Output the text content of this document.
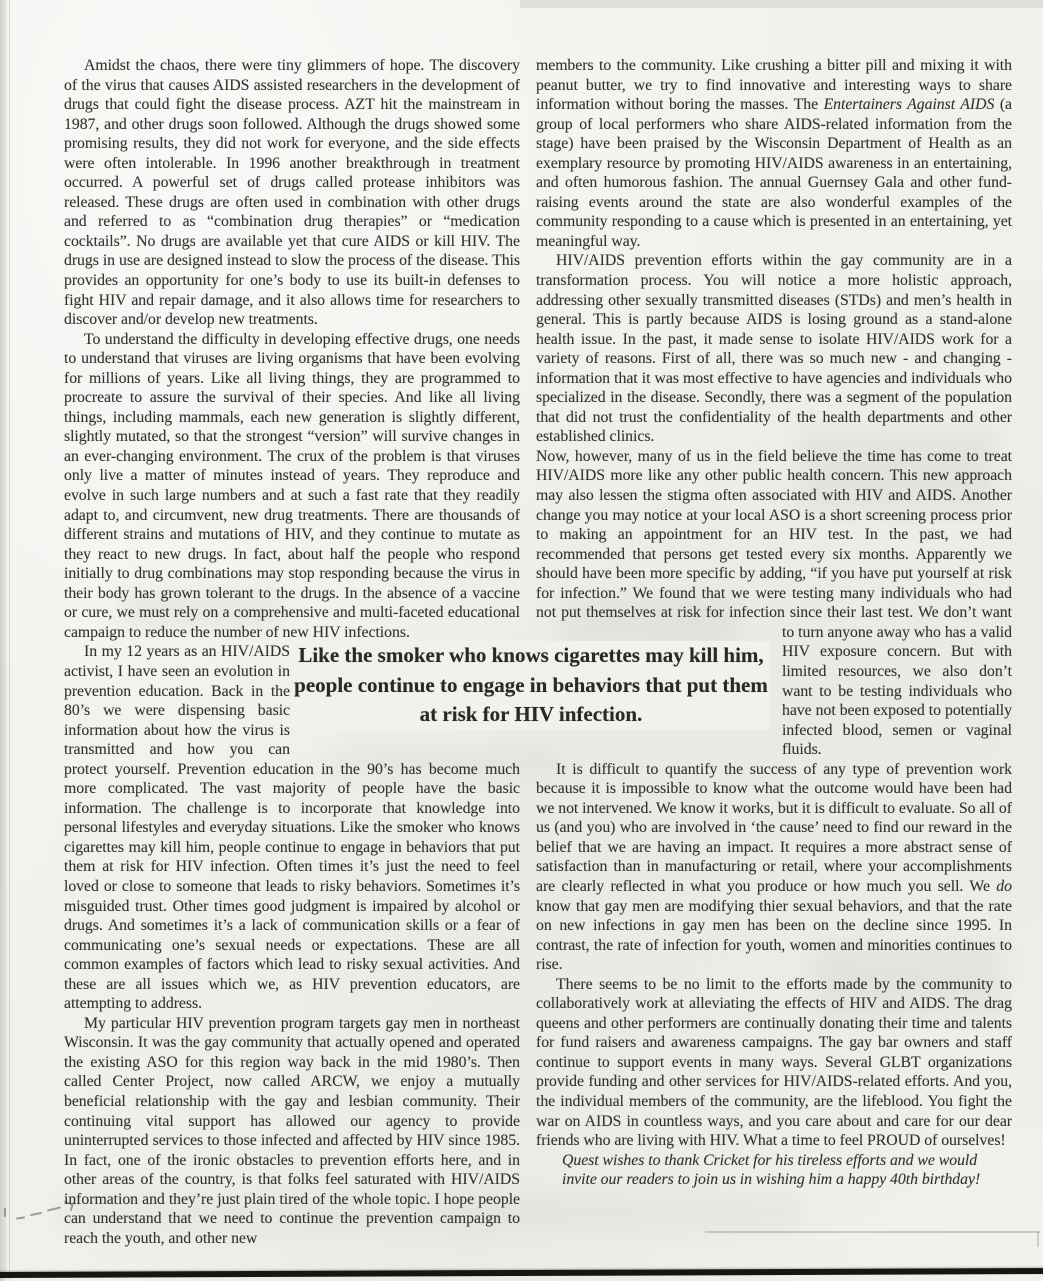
Amidst the chaos, there were tiny glimmers of hope. The discovery of the virus that causes AIDS assisted researchers in the development of drugs that could fight the disease process. AZT hit the mainstream in 1987, and other drugs soon followed. Although the drugs showed some promising results, they did not work for everyone, and the side effects were often intolerable. In 1996 another breakthrough in treatment occurred. A powerful set of drugs called protease inhibitors was released. These drugs are often used in combination with other drugs and referred to as “combination drug therapies” or “medication cocktails”. No drugs are available yet that cure AIDS or kill HIV. The drugs in use are designed instead to slow the process of the disease. This provides an opportunity for one’s body to use its built-in defenses to fight HIV and repair damage, and it also allows time for researchers to discover and/or develop new treatments.

To understand the difficulty in developing effective drugs, one needs to understand that viruses are living organisms that have been evolving for millions of years. Like all living things, they are programmed to procreate to assure the survival of their species. And like all living things, including mammals, each new generation is slightly different, slightly mutated, so that the strongest “version” will survive changes in an ever-changing environment. The crux of the problem is that viruses only live a matter of minutes instead of years. They reproduce and evolve in such large numbers and at such a fast rate that they readily adapt to, and circumvent, new drug treatments. There are thousands of different strains and mutations of HIV, and they continue to mutate as they react to new drugs. In fact, about half the people who respond initially to drug combinations may stop responding because the virus in their body has grown tolerant to the drugs. In the absence of a vaccine or cure, we must rely on a comprehensive and multi-faceted educational campaign to reduce the number of new HIV infections.

In my 12 years as an HIV/AIDS activist, I have seen an evolution in prevention education. Back in the 80’s we were dispensing basic information about how the virus is transmitted and how you can protect yourself. Prevention education in the 90’s has become much more complicated. The vast majority of people have the basic information. The challenge is to incorporate that knowledge into personal lifestyles and everyday situations. Like the smoker who knows cigarettes may kill him, people continue to engage in behaviors that put them at risk for HIV infection. Often times it’s just the need to feel loved or close to someone that leads to risky behaviors. Sometimes it’s misguided trust. Other times good judgment is impaired by alcohol or drugs. And sometimes it’s a lack of communication skills or a fear of communicating one’s sexual needs or expectations. These are all common examples of factors which lead to risky sexual activities. And these are all issues which we, as HIV prevention educators, are attempting to address.

My particular HIV prevention program targets gay men in northeast Wisconsin. It was the gay community that actually opened and operated the existing ASO for this region way back in the mid 1980’s. Then called Center Project, now called ARCW, we enjoy a mutually beneficial relationship with the gay and lesbian community. Their continuing vital support has allowed our agency to provide uninterrupted services to those infected and affected by HIV since 1985. In fact, one of the ironic obstacles to prevention efforts here, and in other areas of the country, is that folks feel saturated with HIV/AIDS information and they’re just plain tired of the whole topic. I hope people can understand that we need to continue the prevention campaign to reach the youth, and other new

members to the community. Like crushing a bitter pill and mixing it with peanut butter, we try to find innovative and interesting ways to share information without boring the masses. The Entertainers Against AIDS (a group of local performers who share AIDS-related information from the stage) have been praised by the Wisconsin Department of Health as an exemplary resource by promoting HIV/AIDS awareness in an entertaining, and often humorous fashion. The annual Guernsey Gala and other fund-raising events around the state are also wonderful examples of the community responding to a cause which is presented in an entertaining, yet meaningful way.

HIV/AIDS prevention efforts within the gay community are in a transformation process. You will notice a more holistic approach, addressing other sexually transmitted diseases (STDs) and men’s health in general. This is partly because AIDS is losing ground as a stand-alone health issue. In the past, it made sense to isolate HIV/AIDS work for a variety of reasons. First of all, there was so much new - and changing - information that it was most effective to have agencies and individuals who specialized in the disease. Secondly, there was a segment of the population that did not trust the confidentiality of the health departments and other established clinics.

Now, however, many of us in the field believe the time has come to treat HIV/AIDS more like any other public health concern. This new approach may also lessen the stigma often associated with HIV and AIDS. Another change you may notice at your local ASO is a short screening process prior to making an appointment for an HIV test. In the past, we had recommended that persons get tested every six months. Apparently we should have been more specific by adding, “if you have put yourself at risk for infection.” We found that we were testing many individuals who had not put themselves at risk for infection since their
last test. We don’t want to turn anyone away who has a valid HIV exposure concern. But with limited resources, we also don’t want to be testing individuals who have not been exposed to potentially infected blood, semen or vaginal fluids.

It is difficult to quantify the success of any type of prevention work because it is impossible to know what the outcome would have been had we not intervened. We know it works, but it is difficult to evaluate. So all of us (and you) who are involved in ‘the cause’ need to find our reward in the belief that we are having an impact. It requires a more abstract sense of satisfaction than in manufacturing or retail, where your accomplishments are clearly reflected in what you produce or how much you sell. We do know that gay men are modifying thier sexual behaviors, and that the rate on new infections in gay men has been on the decline since 1995. In contrast, the rate of infection for youth, women and minorities continues to rise.

There seems to be no limit to the efforts made by the community to collaboratively work at alleviating the effects of HIV and AIDS. The drag queens and other performers are continually donating their time and talents for fund raisers and awareness campaigns. The gay bar owners and staff continue to support events in many ways. Several GLBT organizations provide funding and other services for HIV/AIDS-related efforts. And you, the individual members of the community, are the lifeblood. You fight the war on AIDS in countless ways, and you care about and care for our dear friends who are living with HIV. What a time to feel PROUD of ourselves!

Quest wishes to thank Cricket for his tireless efforts and we would invite our readers to join us in wishing him a happy 40th birthday!

Like the smoker who knows cigarettes may kill him, people continue to engage in behaviors that put them at risk for HIV infection.
